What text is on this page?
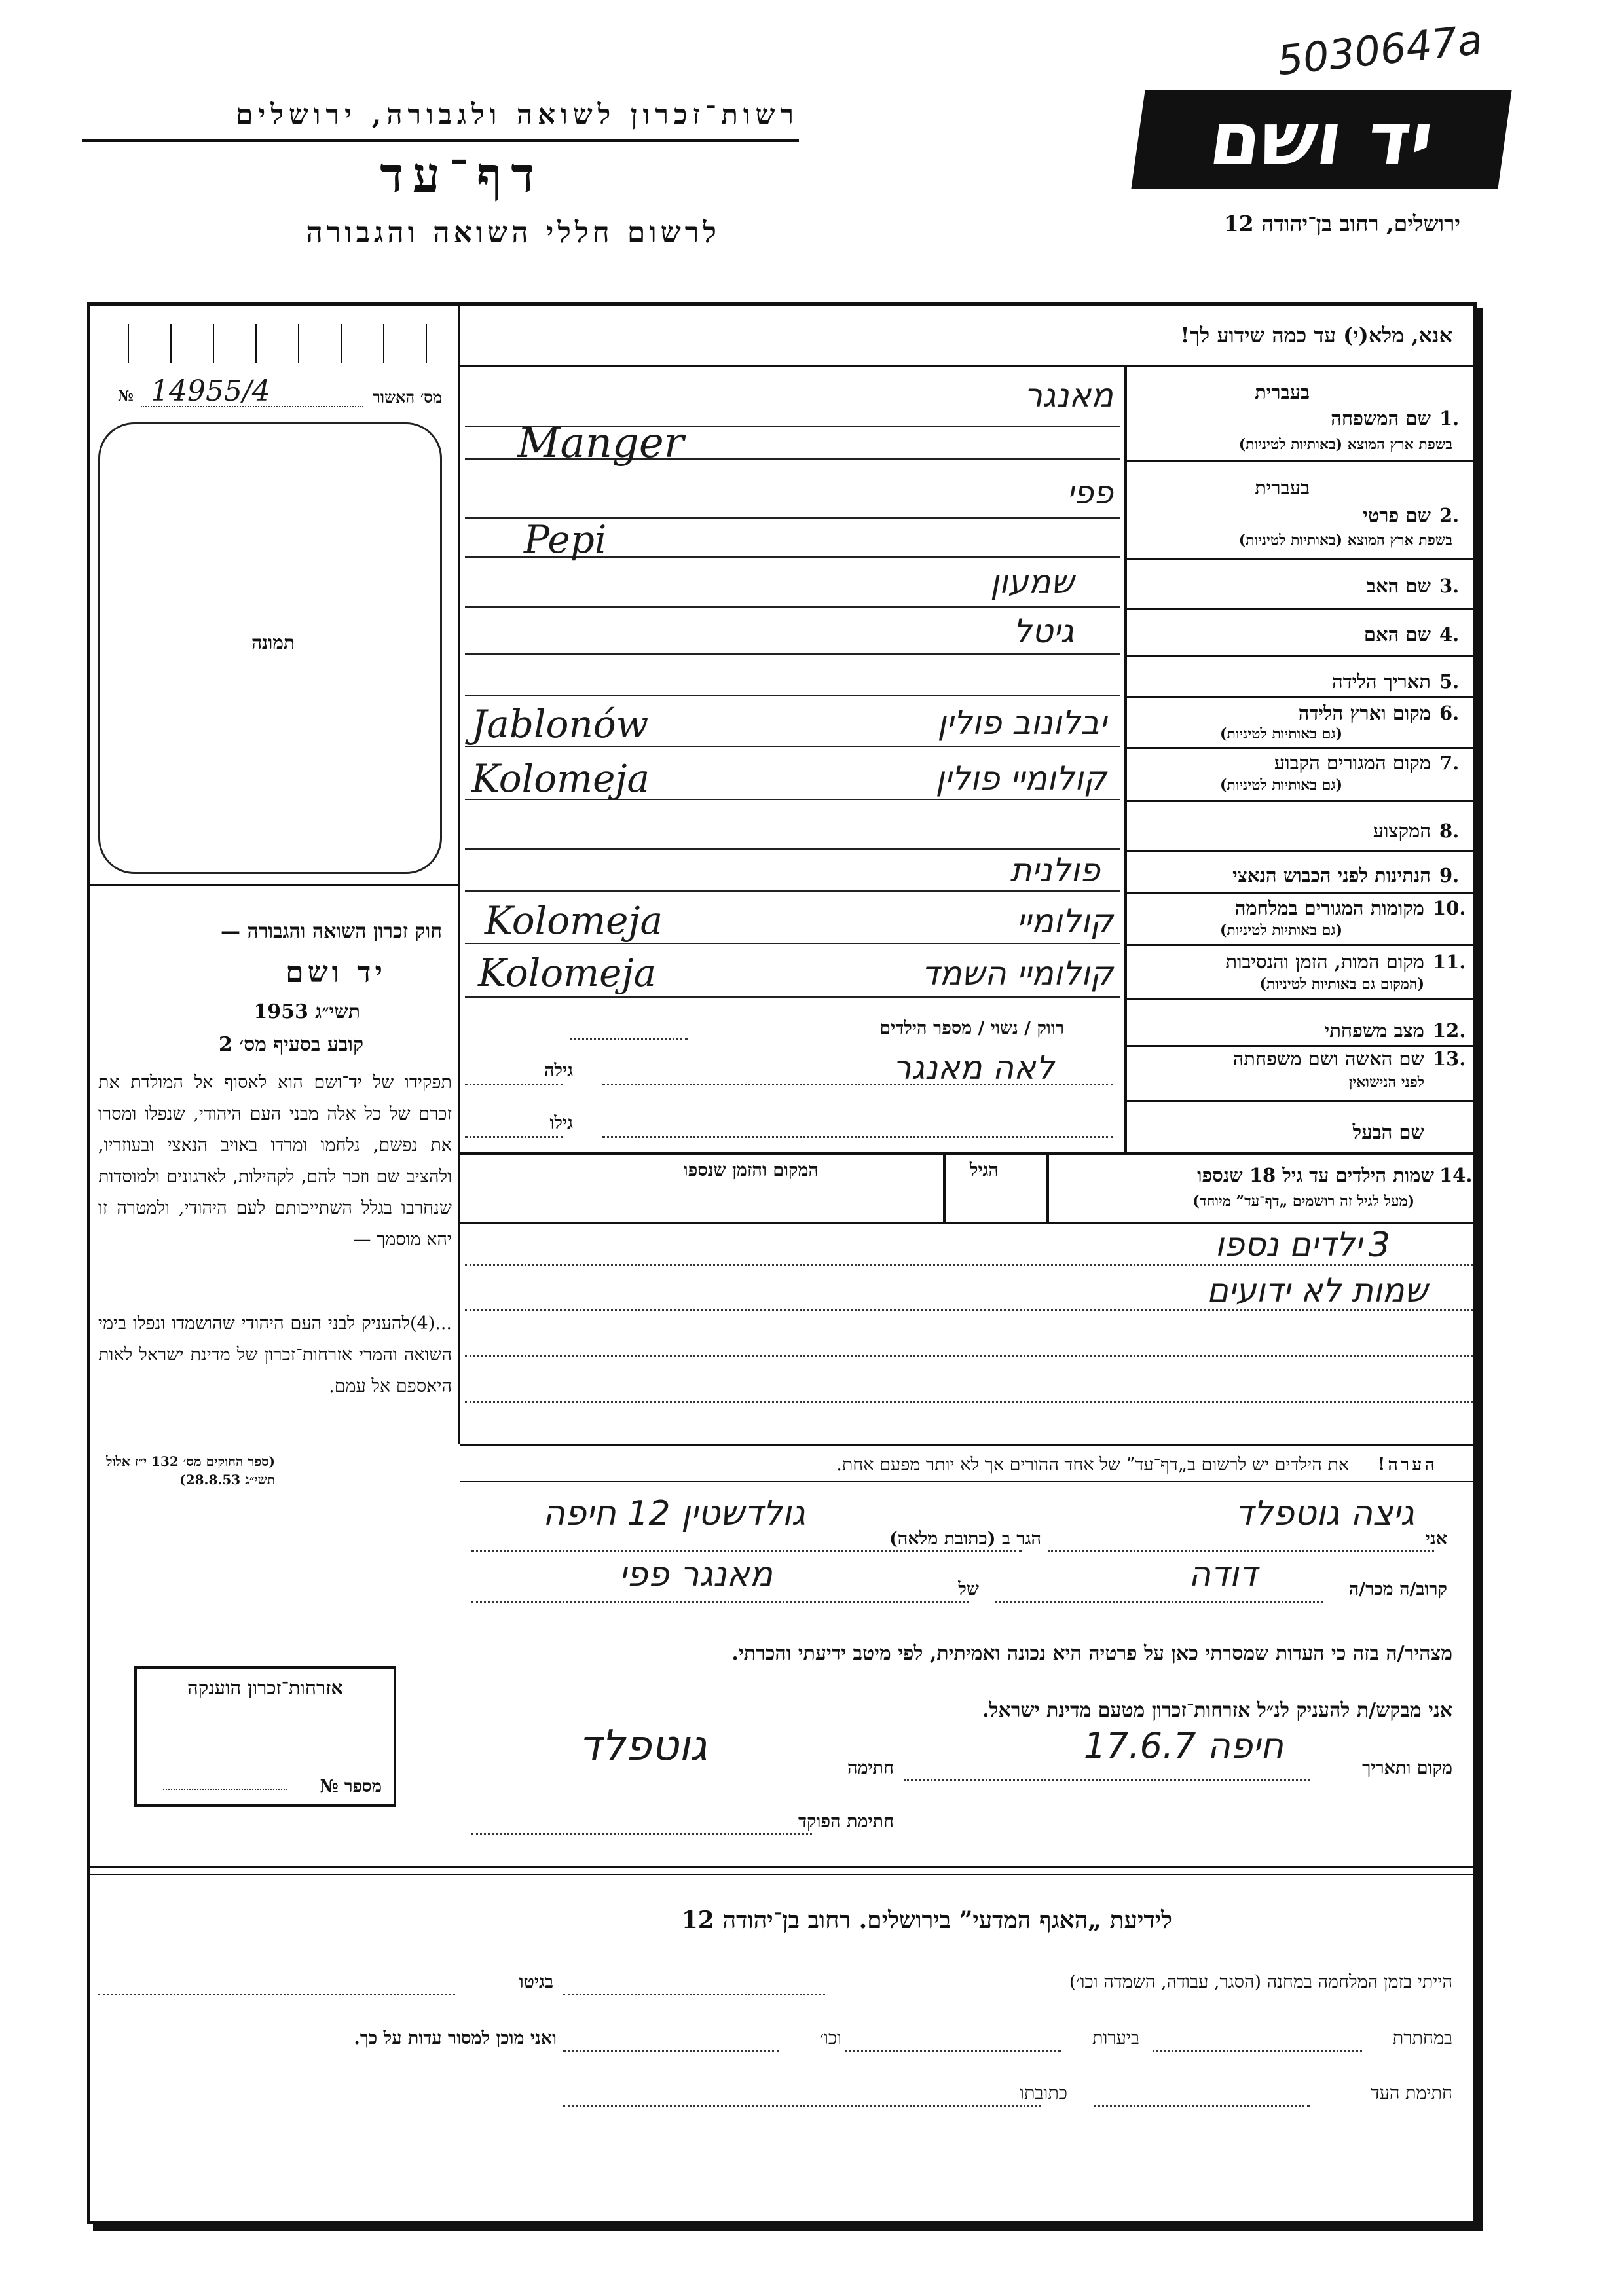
5030647a
יד ושם
ירושלים, רחוב בן־יהודה 12
רשות־זכרון לשואה ולגבורה, ירושלים
דף־עד
לרשום חללי השואה והגבורה
אנא, מלא(י) עד כמה שידוע לך!
№ 14955/4	מס׳ האשור
תמונה
חוק זכרון השואה והגבורה —
יד ושם
תשי״ג 1953
קובע בסעיף מס׳ 2
תפקידו של יד־ושם הוא לאסוף אל המולדת את זכרם של כל אלה מבני העם היהודי, שנפלו ומסרו את נפשם, נלחמו ומרדו באויב הנאצי ובעוזריו, ולהציב שם וזכר להם, לקהילות, לארגונים ולמוסדות שנחרבו בגלל השתייכותם לעם היהודי, ולמטרה זו יהא מוסמך —
...(4)להעניק לבני העם היהודי שהושמדו ונפלו בימי השואה והמרי אזרחות־זכרון של מדינת ישראל לאות היאספם אל עמם.
(ספר החוקים מס׳ 132 י״ז אלול תשי״ג 28.8.53)
אזרחות־זכרון הוענקה
מספר №
בעברית
1.
שם המשפחה
בשפת ארץ המוצא (באותיות לטיניות)
בעברית
2.
שם פרטי
בשפת ארץ המוצא (באותיות לטיניות)
3.
שם האב
4.
שם האם
5.
תאריך הלידה
6.
מקום וארץ הלידה
(גם באותיות לטיניות)
7.
מקום המגורים הקבוע
(גם באותיות לטיניות)
8.
המקצוע
9.
הנתינות לפני הכבוש הנאצי
10.
מקומות המגורים במלחמה
(גם באותיות לטיניות)
11.
מקום המות, הזמן והנסיבות
(המקום גם באותיות לטיניות)
12.
מצב משפחתי
13.
שם האשה ושם משפחתה
לפני הנישואין
שם הבעל
14.
שמות הילדים עד גיל 18 שנספו
(מעל לגיל זה רושמים „דף־עד” מיוחד)
הגיל
המקום והזמן שנספו
מאנגר
Manger
פפי
Pepi
שמעון
גיטל
יבלונוב פולין
Jablonów
קולומיי פולין
Kolomeja
פולנית
קולומיי
Kolomeja
קולומיי השמד
Kolomeja
רווק / נשוי / מספר הילדים
לאה מאנגר
גילה
גילו
3
ילדים נספו
שמות לא ידועים
הערה!
את הילדים יש לרשום ב„דף־עד” של אחד ההורים אך לא יותר מפעם אחת.
אני
גיצה גוטפלד
הגר ב (כתובת מלאה)
גולדשטין 12 חיפה
קרוב/ה מכר/ה
דודה
של
מאנגר פפי
מצהיר/ה בזה כי העדות שמסרתי כאן על פרטיה היא נכונה ואמיתית, לפי מיטב ידיעתי והכרתי.
אני מבקש/ת להעניק לנ״ל אזרחות־זכרון מטעם מדינת ישראל.
מקום ותאריך
חיפה 17.6.7
חתימה
גוטפלד
חתימת הפוקד
לידיעת „האגף המדעי” בירושלים. רחוב בן־יהודה 12
הייתי בזמן המלחמה במחנה (הסגר, עבודה, השמדה וכו׳)
בגיטו
במחתרת
ביערות
וכו׳
ואני מוכן למסור עדות על כך.
חתימת העד
כתובתו
